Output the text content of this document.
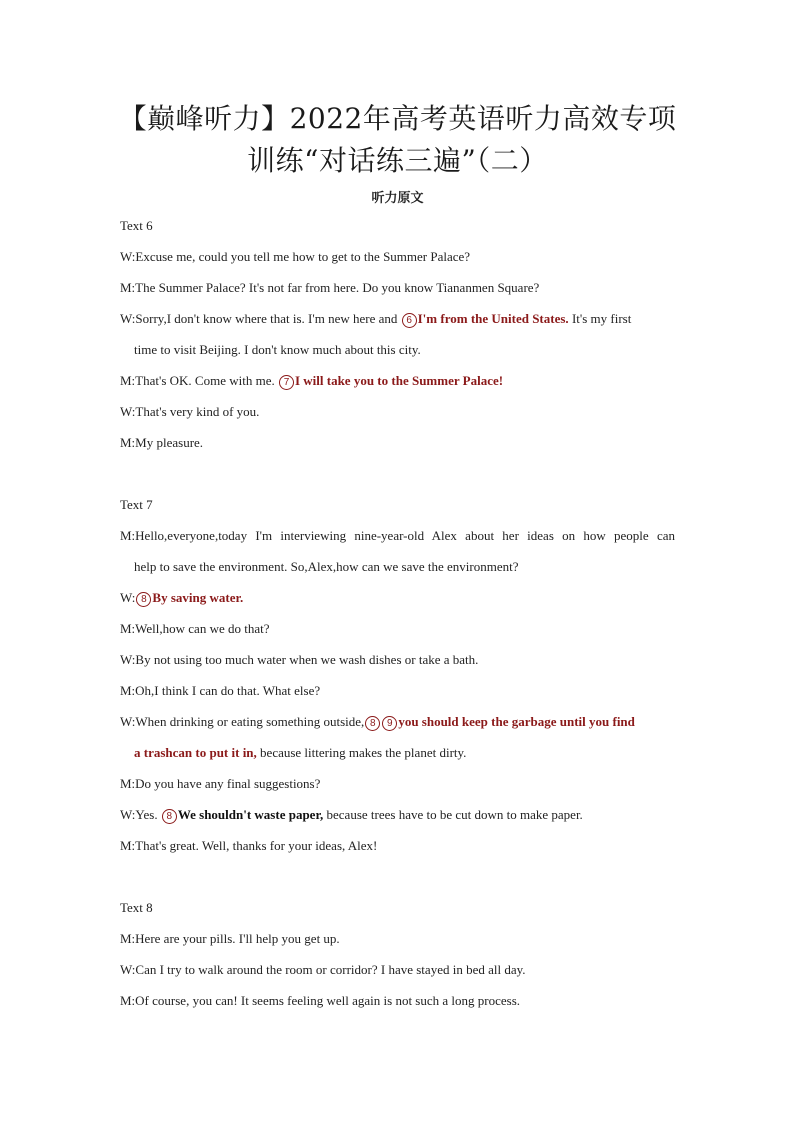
【巅峰听力】2022年高考英语听力高效专项
训练“对话练三遍”（二）
听力原文
Text 6
W:Excuse me, could you tell me how to get to the Summer Palace?
M:The Summer Palace? It's not far from here. Do you know Tiananmen Square?
W:Sorry,I don't know where that is. I'm new here and 6 I'm from the United States. It's my first
time to visit Beijing. I don't know much about this city.
M:That's OK. Come with me. 7 I will take you to the Summer Palace!
W:That's very kind of you.
M:My pleasure.
Text 7
M:Hello,everyone,today I'm interviewing nine-year-old Alex about her ideas on how people can
help to save the environment. So,Alex,how can we save the environment?
W: 8 By saving water.
M:Well,how can we do that?
W:By not using too much water when we wash dishes or take a bath.
M:Oh,I think I can do that. What else?
W:When drinking or eating something outside, 8 9 you should keep the garbage until you find
a trashcan to put it in, because littering makes the planet dirty.
M:Do you have any final suggestions?
W:Yes. 8 We shouldn't waste paper, because trees have to be cut down to make paper.
M:That's great. Well, thanks for your ideas, Alex!
Text 8
M:Here are your pills. I'll help you get up.
W:Can I try to walk around the room or corridor? I have stayed in bed all day.
M:Of course, you can! It seems feeling well again is not such a long process.
